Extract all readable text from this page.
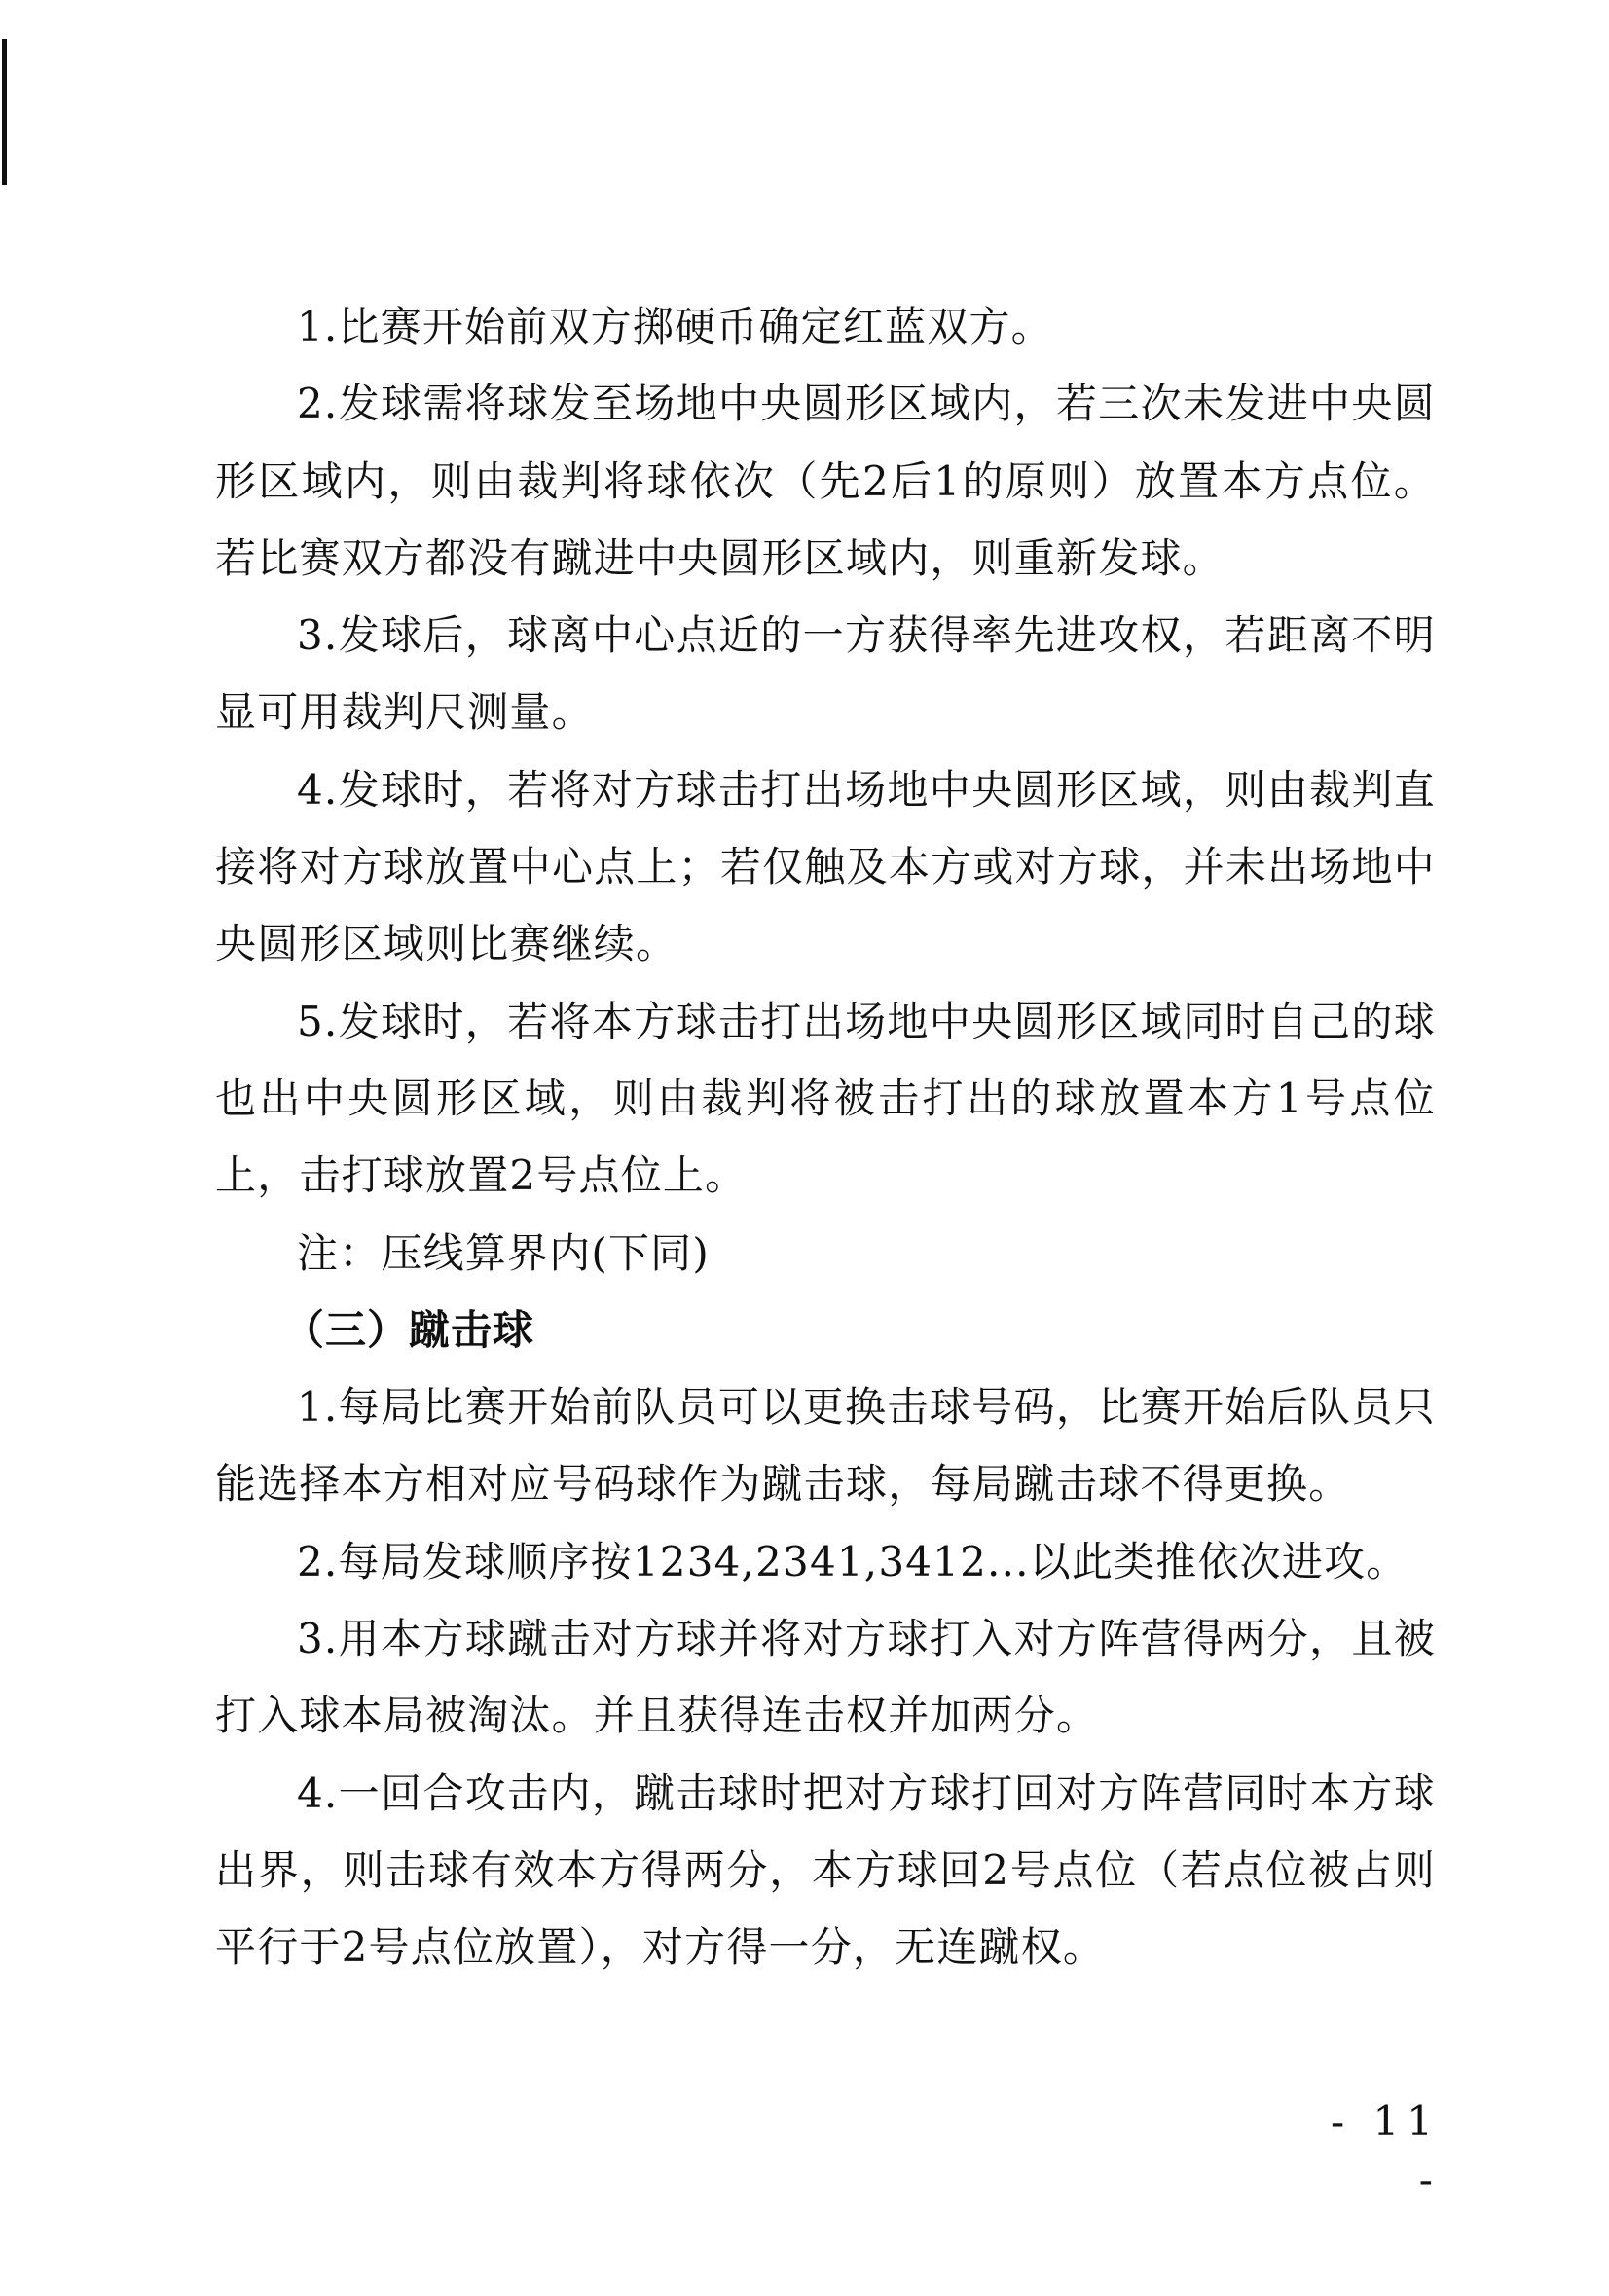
1.比赛开始前双方掷硬币确定红蓝双方。

2.发球需将球发至场地中央圆形区域内，若三次未发进中央圆形区域内，则由裁判将球依次（先2后1的原则）放置本方点位。若比赛双方都没有蹴进中央圆形区域内，则重新发球。

3.发球后，球离中心点近的一方获得率先进攻权，若距离不明显可用裁判尺测量。

4.发球时，若将对方球击打出场地中央圆形区域，则由裁判直接将对方球放置中心点上；若仅触及本方或对方球，并未出场地中央圆形区域则比赛继续。

5.发球时，若将本方球击打出场地中央圆形区域同时自己的球也出中央圆形区域，则由裁判将被击打出的球放置本方1号点位上，击打球放置2号点位上。

注：压线算界内(下同)

（三）蹴击球

1.每局比赛开始前队员可以更换击球号码，比赛开始后队员只能选择本方相对应号码球作为蹴击球，每局蹴击球不得更换。

2.每局发球顺序按1234,2341,3412...以此类推依次进攻。

3.用本方球蹴击对方球并将对方球打入对方阵营得两分，且被打入球本局被淘汰。并且获得连击权并加两分。

4.一回合攻击内，蹴击球时把对方球打回对方阵营同时本方球出界，则击球有效本方得两分，本方球回2号点位（若点位被占则平行于2号点位放置），对方得一分，无连蹴权。

- 11 -
